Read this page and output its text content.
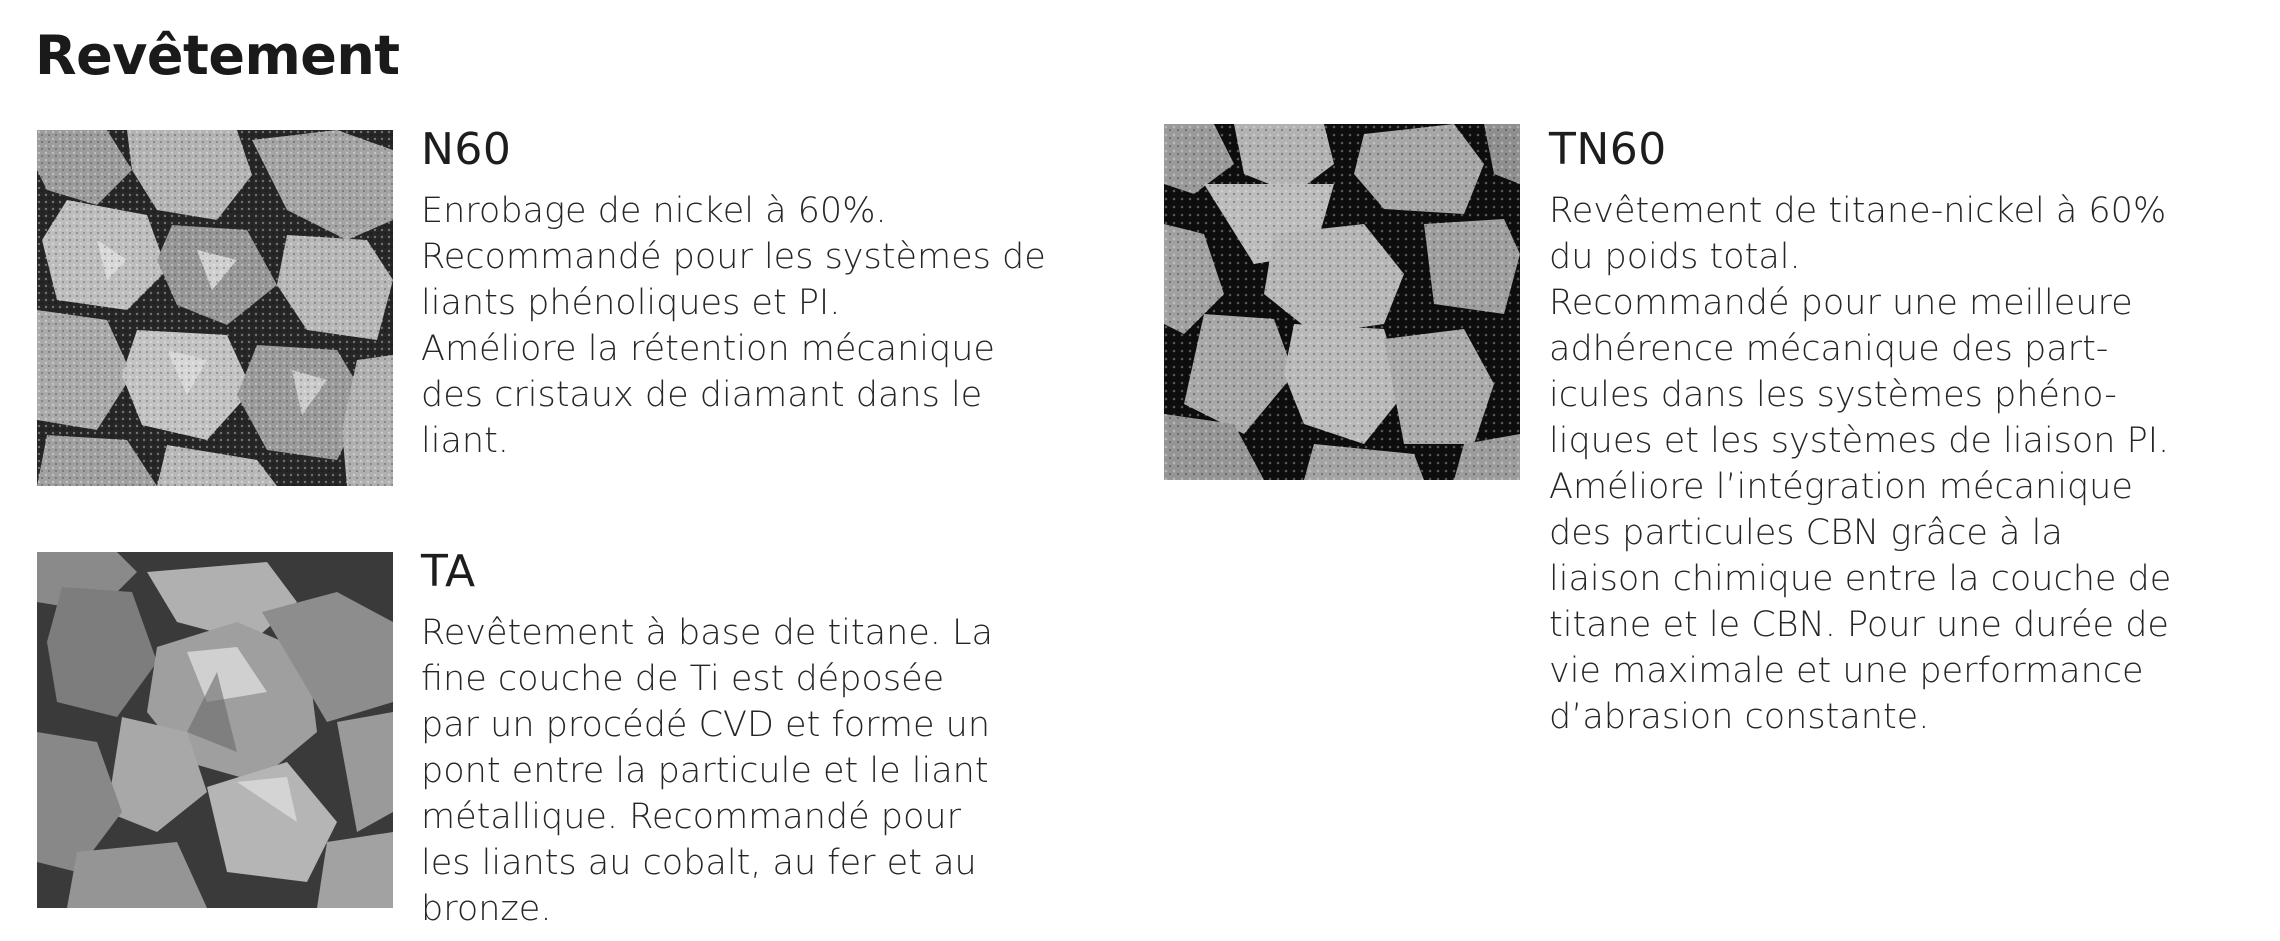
Revêtement
N60
Enrobage de nickel à 60%.
Recommandé pour les systèmes de
liants phénoliques et PI.
Améliore la rétention mécanique
des cristaux de diamant dans le
liant.
TA
Revêtement à base de titane. La
fine couche de Ti est déposée
par un procédé CVD et forme un
pont entre la particule et le liant
métallique. Recommandé pour
les liants au cobalt, au fer et au
bronze.
TN60
Revêtement de titane-nickel à 60%
du poids total.
Recommandé pour une meilleure
adhérence mécanique des part-
icules dans les systèmes phéno-
liques et les systèmes de liaison PI.
Améliore l’intégration mécanique
des particules CBN grâce à la
liaison chimique entre la couche de
titane et le CBN. Pour une durée de
vie maximale et une performance
d’abrasion constante.
